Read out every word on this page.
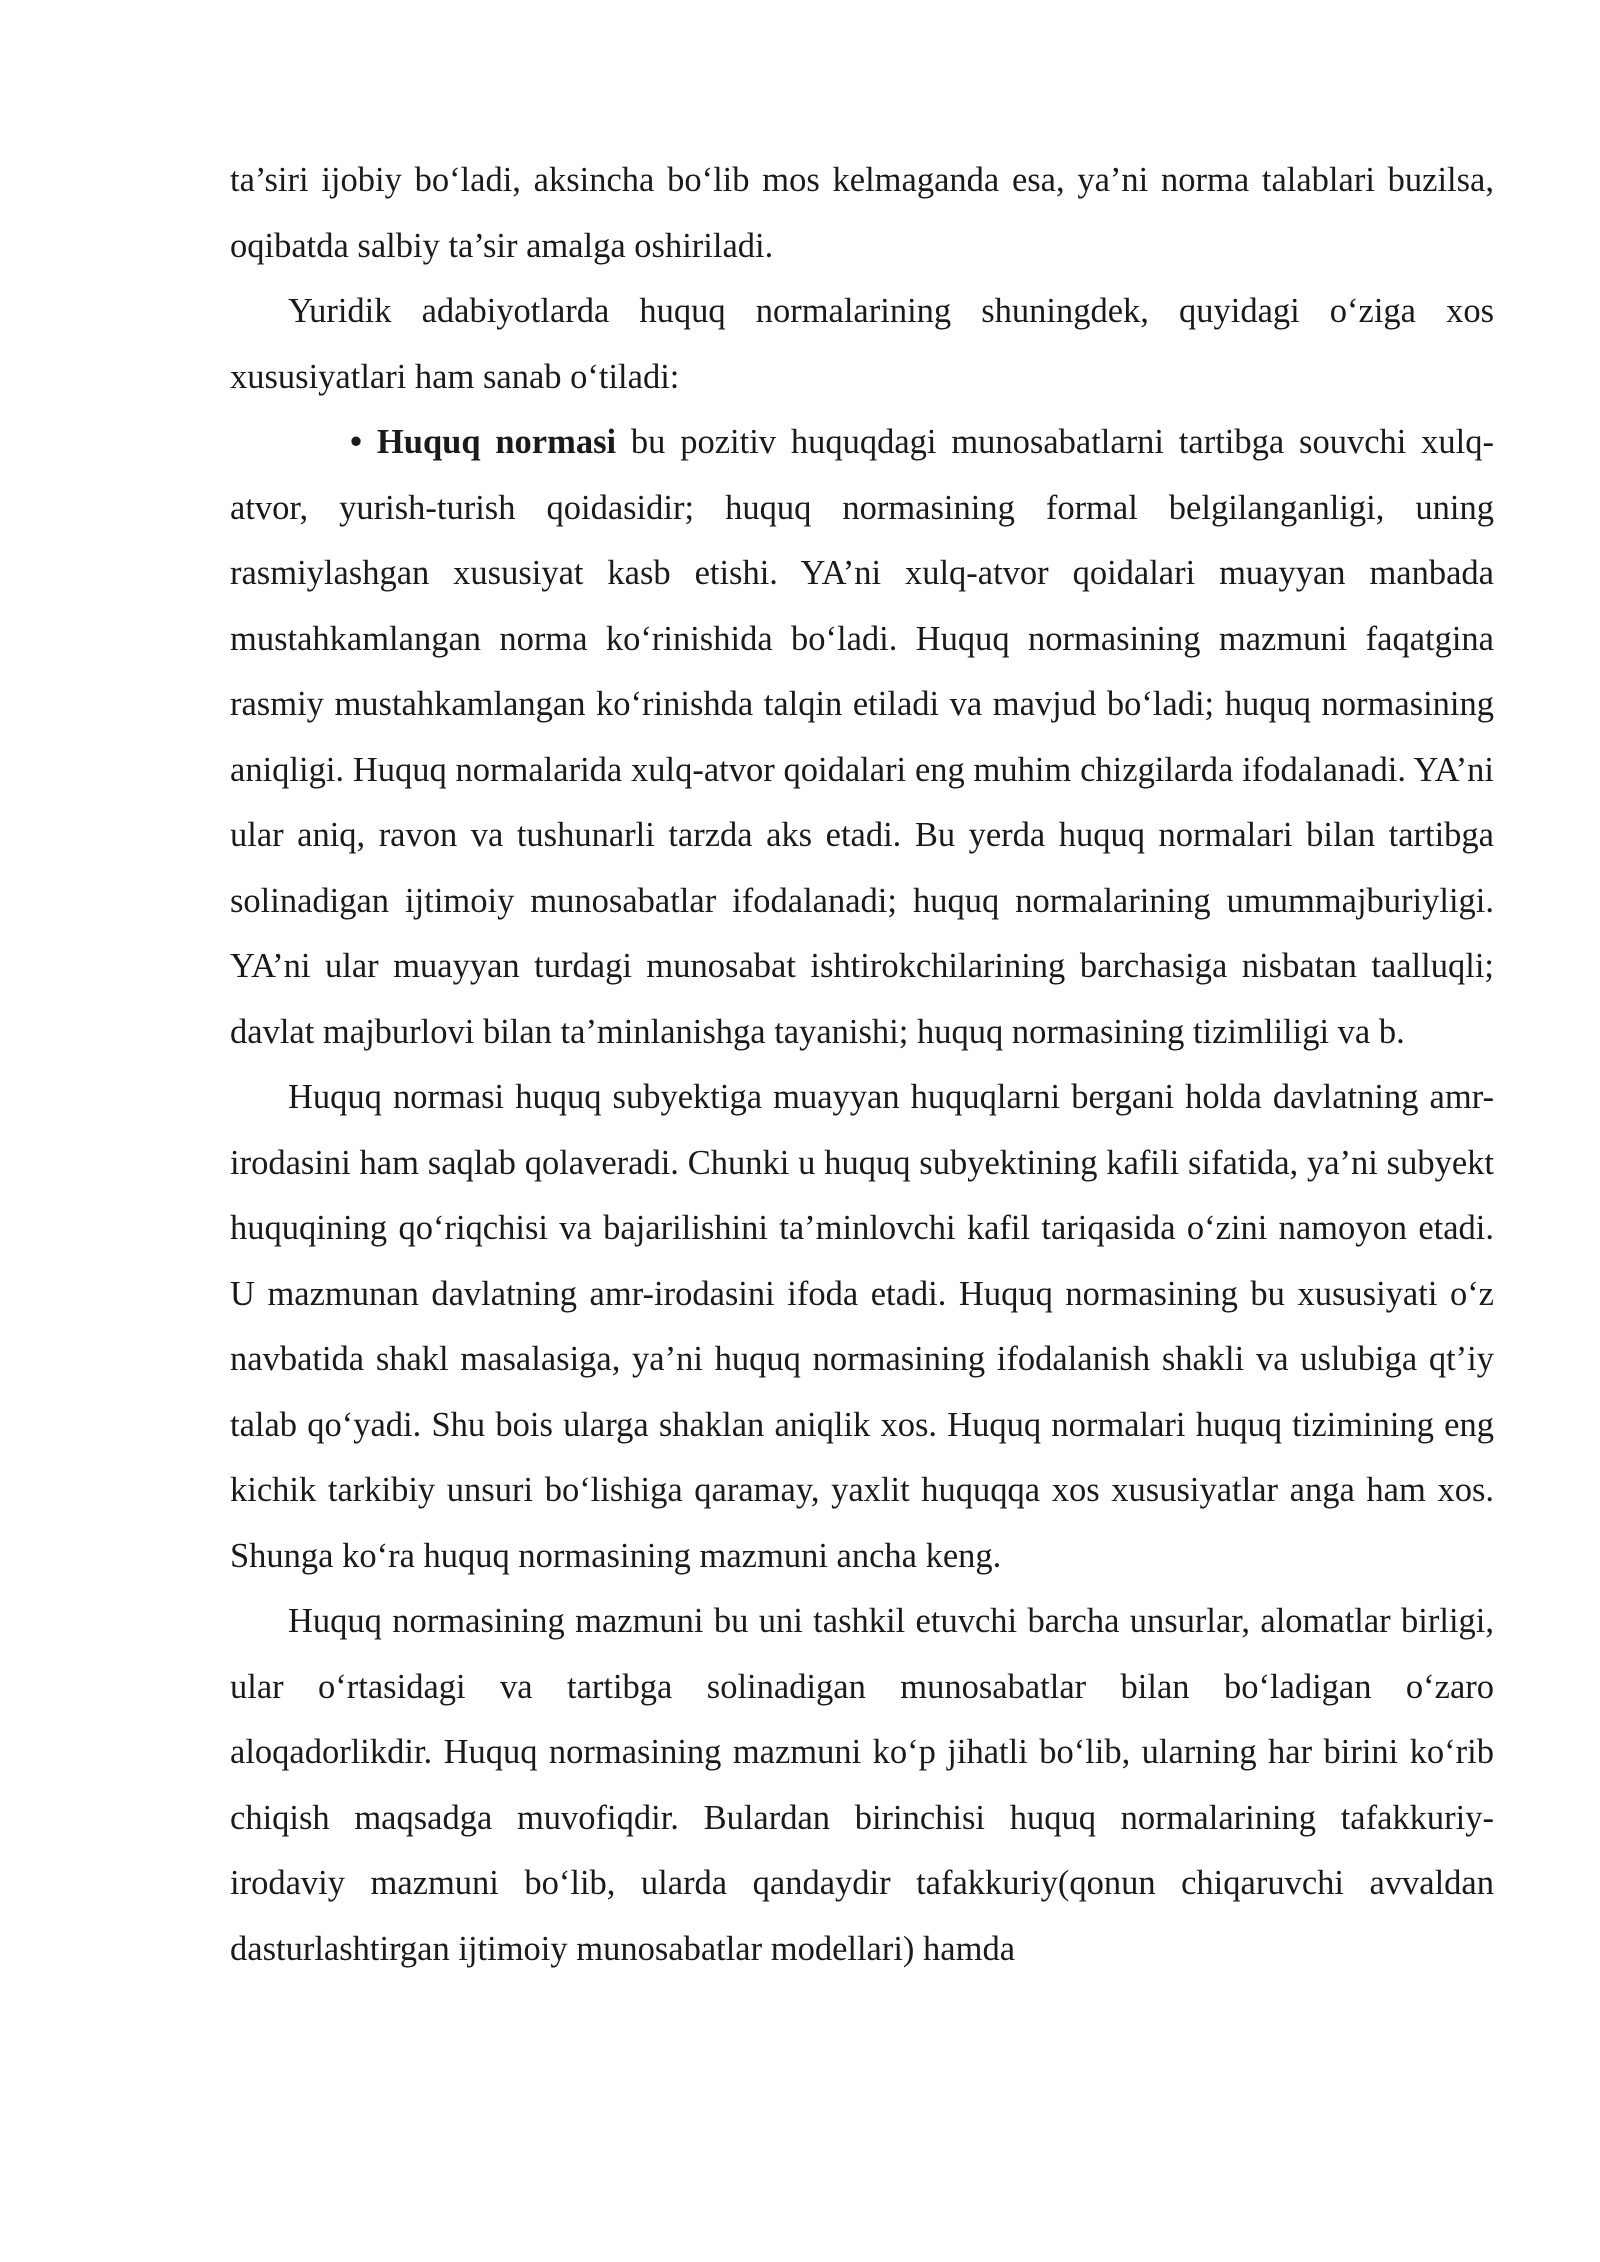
ta’siri ijobiy bo‘ladi, aksincha bo‘lib mos kelmaganda esa, ya’ni norma talablari buzilsa, oqibatda salbiy ta’sir amalga oshiriladi.

Yuridik adabiyotlarda huquq normalarining shuningdek, quyidagi o‘ziga xos xususiyatlari ham sanab o‘tiladi:

• Huquq normasi bu pozitiv huquqdagi munosabatlarni tartibga souvchi xulq-atvor, yurish-turish qoidasidir; huquq normasining formal belgilanganligi, uning rasmiylashgan xususiyat kasb etishi. YA’ni xulq-atvor qoidalari muayyan manbada mustahkamlangan norma ko‘rinishida bo‘ladi. Huquq normasining mazmuni faqatgina rasmiy mustahkamlangan ko‘rinishda talqin etiladi va mavjud bo‘ladi; huquq normasining aniqligi. Huquq normalarida xulq-atvor qoidalari eng muhim chizgilarda ifodalanadi. YA’ni ular aniq, ravon va tushunarli tarzda aks etadi. Bu yerda huquq normalari bilan tartibga solinadigan ijtimoiy munosabatlar ifodalanadi; huquq normalarining umummajburiyligi. YA’ni ular muayyan turdagi munosabat ishtirokchilarining barchasiga nisbatan taalluqli; davlat majburlovi bilan ta’minlanishga tayanishi; huquq normasining tizimliligi va b.

Huquq normasi huquq subyektiga muayyan huquqlarni bergani holda davlatning amr-irodasini ham saqlab qolaveradi. Chunki u huquq subyektining kafili sifatida, ya’ni subyekt huquqining qo‘riqchisi va bajarilishini ta’minlovchi kafil tariqasida o‘zini namoyon etadi. U mazmunan davlatning amr-irodasini ifoda etadi. Huquq normasining bu xususiyati o‘z navbatida shakl masalasiga, ya’ni huquq normasining ifodalanish shakli va uslubiga qt’iy talab qo‘yadi. Shu bois ularga shaklan aniqlik xos. Huquq normalari huquq tizimining eng kichik tarkibiy unsuri bo‘lishiga qaramay, yaxlit huquqqa xos xususiyatlar anga ham xos. Shunga ko‘ra huquq normasining mazmuni ancha keng.

Huquq normasining mazmuni bu uni tashkil etuvchi barcha unsurlar, alomatlar birligi, ular o‘rtasidagi va tartibga solinadigan munosabatlar bilan bo‘ladigan o‘zaro aloqadorlikdir. Huquq normasining mazmuni ko‘p jihatli bo‘lib, ularning har birini ko‘rib chiqish maqsadga muvofiqdir. Bulardan birinchisi huquq normalarining tafakkuriy-irodaviy mazmuni bo‘lib, ularda qandaydir tafakkuriy(qonun chiqaruvchi avvaldan dasturlashtirgan ijtimoiy munosabatlar modellari) hamda
